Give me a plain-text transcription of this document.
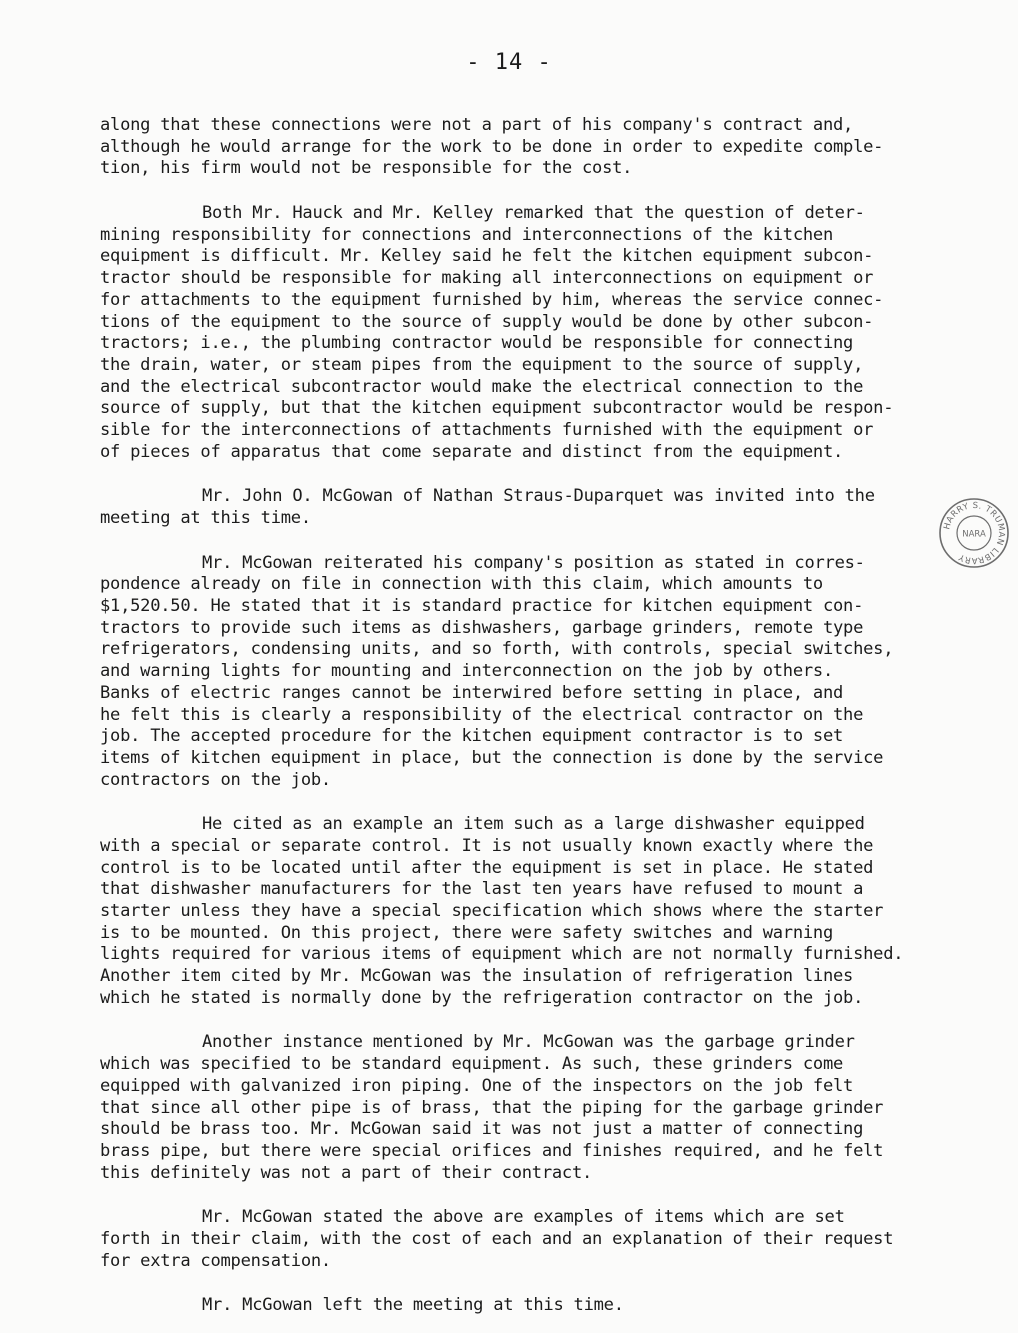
- 14 -
along that these connections were not a part of his company's contract and,
although he would arrange for the work to be done in order to expedite comple-
tion, his firm would not be responsible for the cost.
Both Mr. Hauck and Mr. Kelley remarked that the question of deter-
mining responsibility for connections and interconnections of the kitchen
equipment is difficult. Mr. Kelley said he felt the kitchen equipment subcon-
tractor should be responsible for making all interconnections on equipment or
for attachments to the equipment furnished by him, whereas the service connec-
tions of the equipment to the source of supply would be done by other subcon-
tractors; i.e., the plumbing contractor would be responsible for connecting
the drain, water, or steam pipes from the equipment to the source of supply,
and the electrical subcontractor would make the electrical connection to the
source of supply, but that the kitchen equipment subcontractor would be respon-
sible for the interconnections of attachments furnished with the equipment or
of pieces of apparatus that come separate and distinct from the equipment.
Mr. John O. McGowan of Nathan Straus-Duparquet was invited into the
meeting at this time.
Mr. McGowan reiterated his company's position as stated in corres-
pondence already on file in connection with this claim, which amounts to
$1,520.50. He stated that it is standard practice for kitchen equipment con-
tractors to provide such items as dishwashers, garbage grinders, remote type
refrigerators, condensing units, and so forth, with controls, special switches,
and warning lights for mounting and interconnection on the job by others.
Banks of electric ranges cannot be interwired before setting in place, and
he felt this is clearly a responsibility of the electrical contractor on the
job. The accepted procedure for the kitchen equipment contractor is to set
items of kitchen equipment in place, but the connection is done by the service
contractors on the job.
He cited as an example an item such as a large dishwasher equipped
with a special or separate control. It is not usually known exactly where the
control is to be located until after the equipment is set in place. He stated
that dishwasher manufacturers for the last ten years have refused to mount a
starter unless they have a special specification which shows where the starter
is to be mounted. On this project, there were safety switches and warning
lights required for various items of equipment which are not normally furnished.
Another item cited by Mr. McGowan was the insulation of refrigeration lines
which he stated is normally done by the refrigeration contractor on the job.
Another instance mentioned by Mr. McGowan was the garbage grinder
which was specified to be standard equipment. As such, these grinders come
equipped with galvanized iron piping. One of the inspectors on the job felt
that since all other pipe is of brass, that the piping for the garbage grinder
should be brass too. Mr. McGowan said it was not just a matter of connecting
brass pipe, but there were special orifices and finishes required, and he felt
this definitely was not a part of their contract.
Mr. McGowan stated the above are examples of items which are set
forth in their claim, with the cost of each and an explanation of their request
for extra compensation.
Mr. McGowan left the meeting at this time.
HARRY S. TRUMAN LIBRARY
NARA
